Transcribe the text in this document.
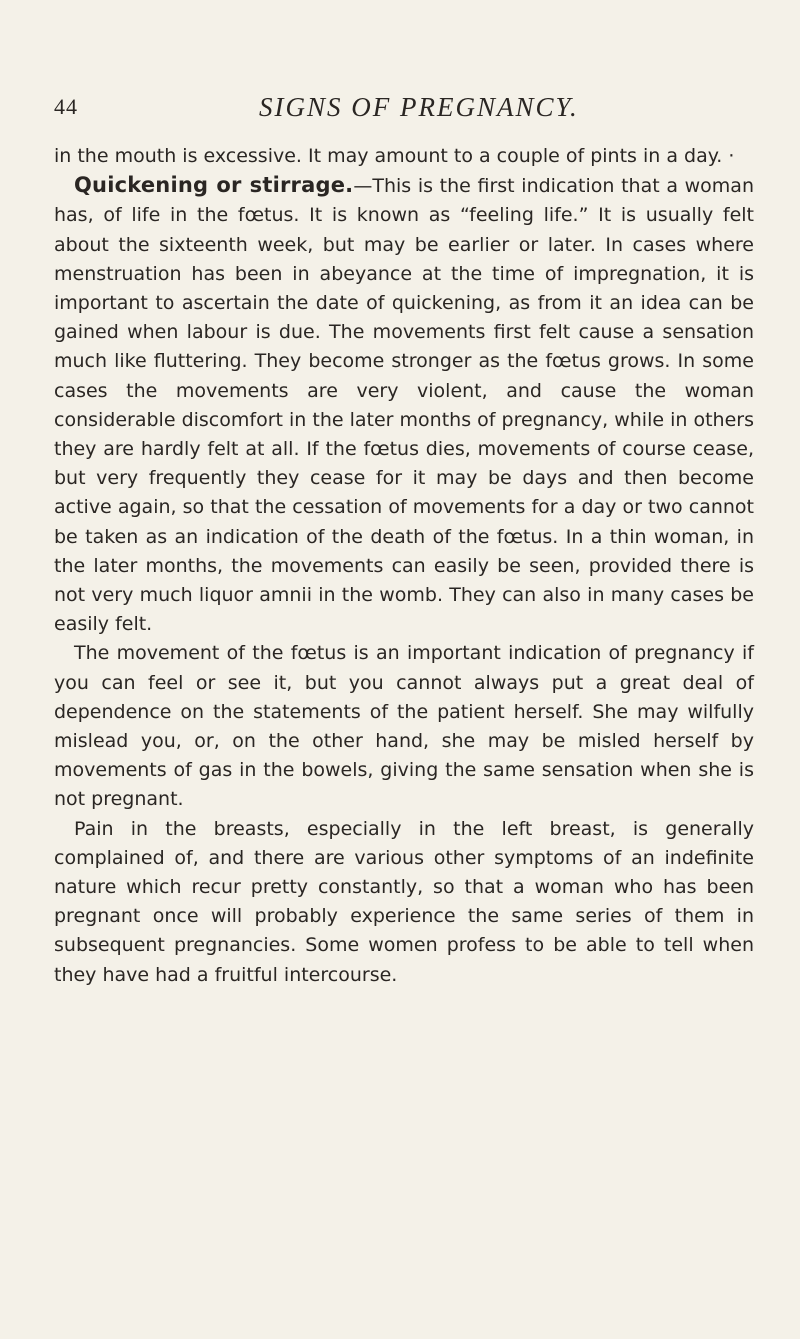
44	SIGNS OF PREGNANCY.

in the mouth is excessive. It may amount to a couple of pints in a day. ·

Quickening or stirrage.—This is the first indication that a woman has, of life in the fœtus. It is known as “feeling life.” It is usually felt about the sixteenth week, but may be earlier or later. In cases where menstruation has been in abeyance at the time of impregnation, it is important to ascertain the date of quickening, as from it an idea can be gained when labour is due. The movements first felt cause a sensation much like fluttering. They become stronger as the fœtus grows. In some cases the movements are very violent, and cause the woman considerable discomfort in the later months of pregnancy, while in others they are hardly felt at all. If the fœtus dies, movements of course cease, but very frequently they cease for it may be days and then become active again, so that the cessation of movements for a day or two cannot be taken as an indication of the death of the fœtus. In a thin woman, in the later months, the movements can easily be seen, provided there is not very much liquor amnii in the womb. They can also in many cases be easily felt.

The movement of the fœtus is an important indication of pregnancy if you can feel or see it, but you cannot always put a great deal of dependence on the statements of the patient herself. She may wilfully mislead you, or, on the other hand, she may be misled herself by movements of gas in the bowels, giving the same sensation when she is not pregnant.

Pain in the breasts, especially in the left breast, is generally complained of, and there are various other symptoms of an indefinite nature which recur pretty constantly, so that a woman who has been pregnant once will probably experience the same series of them in subsequent pregnancies. Some women profess to be able to tell when they have had a fruitful intercourse.
